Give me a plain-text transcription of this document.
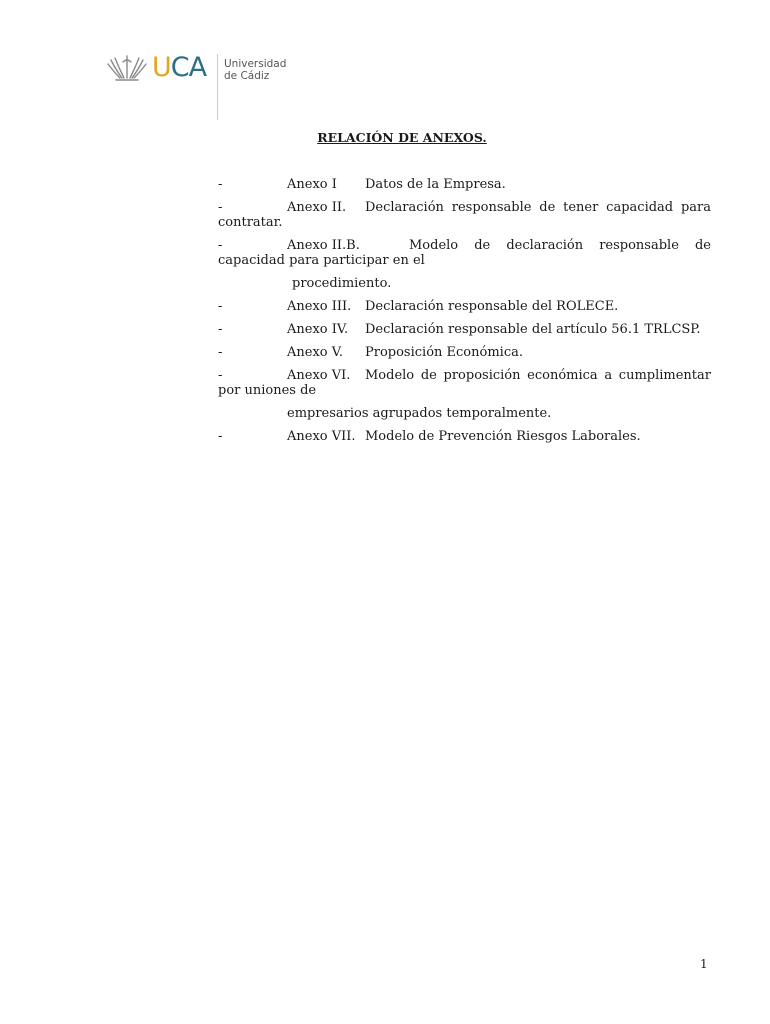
UCA Universidad
de Cádiz
RELACIÓN DE ANEXOS.
-	Anexo I Datos de la Empresa.
-	Anexo II. Declaración responsable de tener capacidad para contratar.
-	Anexo II.B.	Modelo de declaración responsable de capacidad para participar en el
procedimiento.
-	Anexo III. Declaración responsable del ROLECE.
-	Anexo IV. Declaración responsable del artículo 56.1 TRLCSP.
-	Anexo V. Proposición Económica.
-	Anexo VI. Modelo de proposición económica a cumplimentar por uniones de
empresarios agrupados temporalmente.
-	Anexo VII. Modelo de Prevención Riesgos Laborales.
1
